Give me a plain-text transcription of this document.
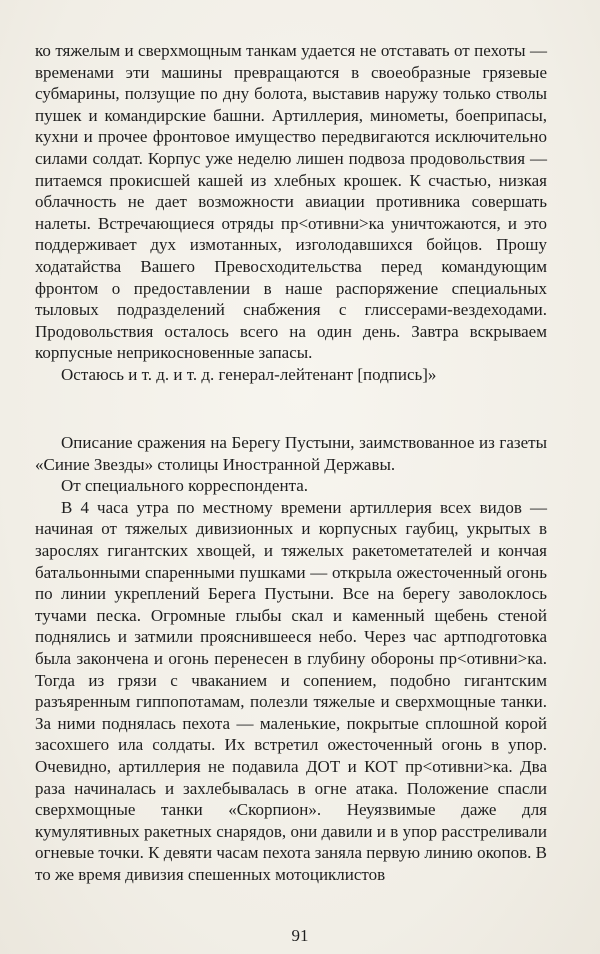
ко тяжелым и сверхмощным танкам удается не отставать от пехоты — временами эти машины превращаются в своеобразные грязевые субмарины, ползущие по дну болота, выставив наружу только стволы пушек и командирские башни. Артиллерия, минометы, боеприпасы, кухни и прочее фронтовое имущество передвигаются исключительно силами солдат. Корпус уже неделю лишен подвоза продовольствия — питаемся прокисшей кашей из хлебных крошек. К счастью, низкая облачность не дает возможности авиации противника совершать налеты. Встречающиеся отряды пр<отивни>ка уничтожаются, и это поддерживает дух измотанных, изголодавшихся бойцов. Прошу ходатайства Вашего Превосходительства перед командующим фронтом о предоставлении в наше распоряжение специальных тыловых подразделений снабжения с глиссерами-вездеходами. Продовольствия осталось всего на один день. Завтра вскрываем корпусные неприкосновенные запасы.

Остаюсь и т. д. и т. д. генерал-лейтенант [подпись]»

Описание сражения на Берегу Пустыни, заимствованное из газеты «Синие Звезды» столицы Иностранной Державы.

От специального корреспондента.

В 4 часа утра по местному времени артиллерия всех видов — начиная от тяжелых дивизионных и корпусных гаубиц, укрытых в зарослях гигантских хвощей, и тяжелых ракетометателей и кончая батальонными спаренными пушками — открыла ожесточенный огонь по линии укреплений Берега Пустыни. Все на берегу заволоклось тучами песка. Огромные глыбы скал и каменный щебень стеной поднялись и затмили прояснившееся небо. Через час артподготовка была закончена и огонь перенесен в глубину обороны пр<отивни>ка. Тогда из грязи с чваканием и сопением, подобно гигантским разъяренным гиппопотамам, полезли тяжелые и сверхмощные танки. За ними поднялась пехота — маленькие, покрытые сплошной корой засохшего ила солдаты. Их встретил ожесточенный огонь в упор. Очевидно, артиллерия не подавила ДОТ и КОТ пр<отивни>ка. Два раза начиналась и захлебывалась в огне атака. Положение спасли сверхмощные танки «Скорпион». Неуязвимые даже для кумулятивных ракетных снарядов, они давили и в упор расстреливали огневые точки. К девяти часам пехота заняла первую линию окопов. В то же время дивизия спешенных мотоциклистов

91
